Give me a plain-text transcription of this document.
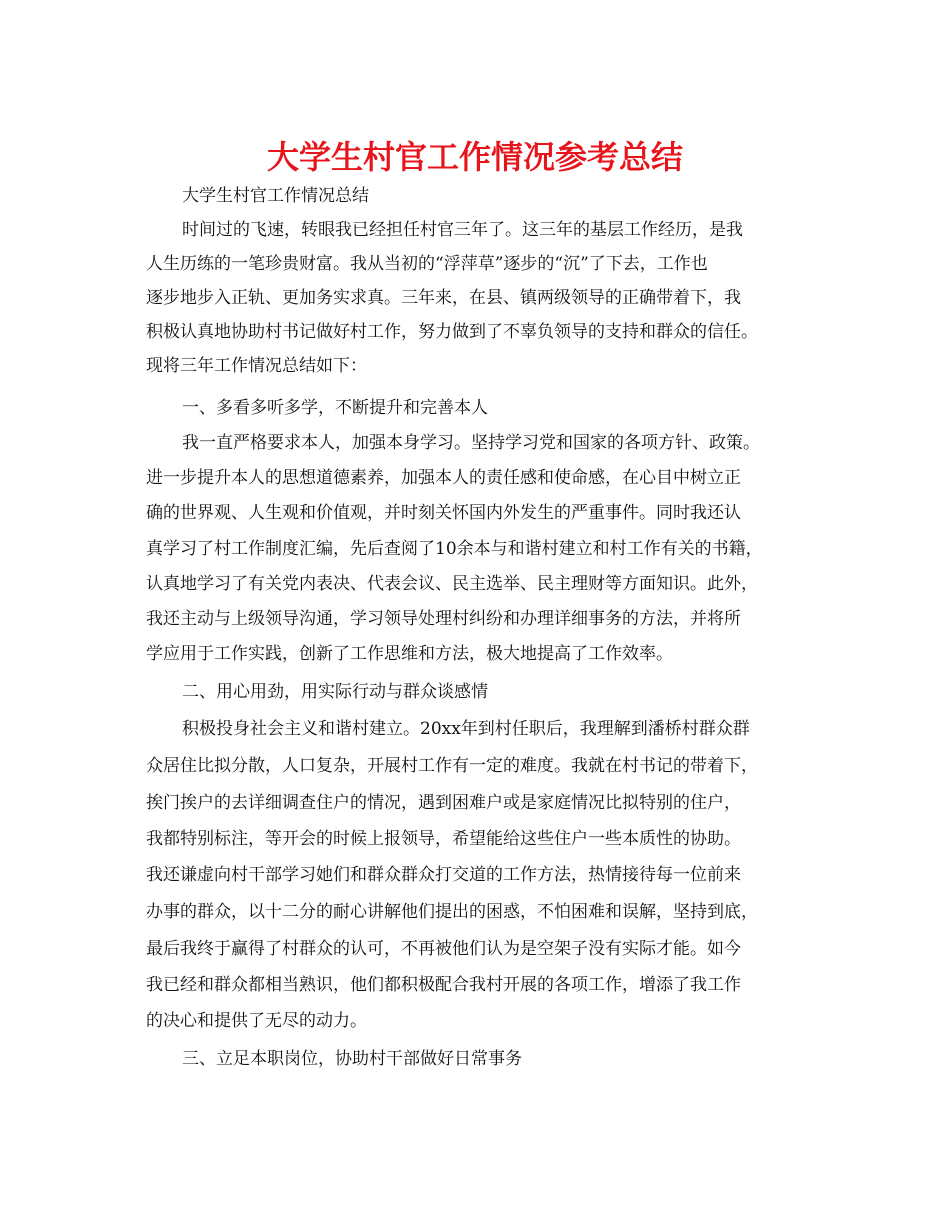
大学生村官工作情况参考总结
大学生村官工作情况总结
时间过的飞速，转眼我已经担任村官三年了。这三年的基层工作经历，是我
人生历练的一笔珍贵财富。我从当初的“浮萍草”逐步的“沉”了下去，工作也
逐步地步入正轨、更加务实求真。三年来，在县、镇两级领导的正确带着下，我
积极认真地协助村书记做好村工作，努力做到了不辜负领导的支持和群众的信任。
现将三年工作情况总结如下：
一、多看多听多学，不断提升和完善本人
我一直严格要求本人，加强本身学习。坚持学习党和国家的各项方针、政策。
进一步提升本人的思想道德素养，加强本人的责任感和使命感，在心目中树立正
确的世界观、人生观和价值观，并时刻关怀国内外发生的严重事件。同时我还认
真学习了村工作制度汇编，先后查阅了10余本与和谐村建立和村工作有关的书籍，
认真地学习了有关党内表决、代表会议、民主选举、民主理财等方面知识。此外，
我还主动与上级领导沟通，学习领导处理村纠纷和办理详细事务的方法，并将所
学应用于工作实践，创新了工作思维和方法，极大地提高了工作效率。
二、用心用劲，用实际行动与群众谈感情
积极投身社会主义和谐村建立。20xx年到村任职后，我理解到潘桥村群众群
众居住比拟分散，人口复杂，开展村工作有一定的难度。我就在村书记的带着下，
挨门挨户的去详细调查住户的情况，遇到困难户或是家庭情况比拟特别的住户，
我都特别标注，等开会的时候上报领导，希望能给这些住户一些本质性的协助。
我还谦虚向村干部学习她们和群众群众打交道的工作方法，热情接待每一位前来
办事的群众，以十二分的耐心讲解他们提出的困惑，不怕困难和误解，坚持到底，
最后我终于赢得了村群众的认可，不再被他们认为是空架子没有实际才能。如今
我已经和群众都相当熟识，他们都积极配合我村开展的各项工作，增添了我工作
的决心和提供了无尽的动力。
三、立足本职岗位，协助村干部做好日常事务
